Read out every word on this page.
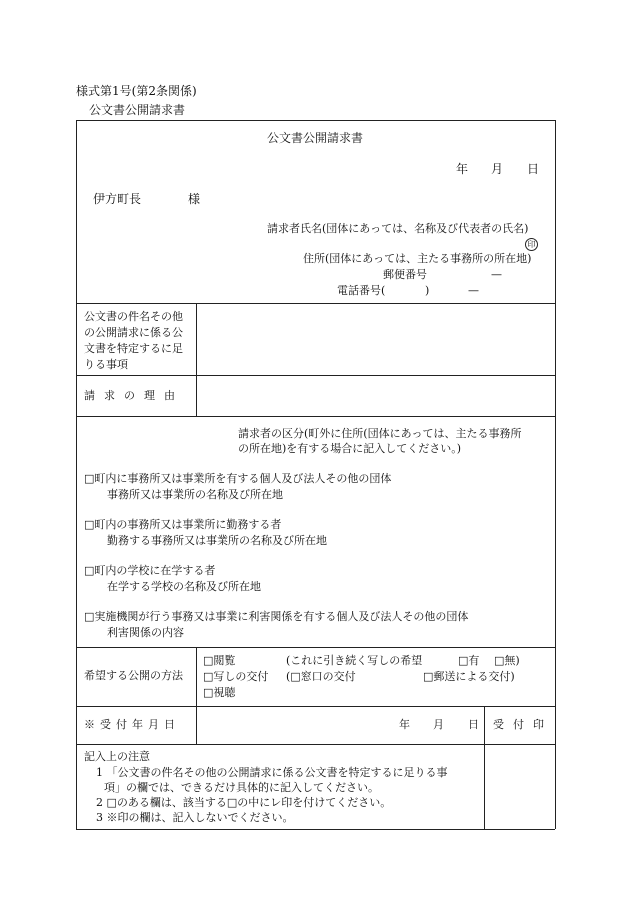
様式第1号(第2条関係)
公文書公開請求書
公文書公開請求書
年 月 日
伊方町長	様
請求者氏名(団体にあっては、名称及び代表者の氏名)
印
住所(団体にあっては、主たる事務所の所在地)
郵便番号	—
電話番号(	)	—
公文書の件名その他
の公開請求に係る公
文書を特定するに足
りる事項
請求の理由
請求者の区分(町外に住所(団体にあっては、主たる事務所
の所在地)を有する場合に記入してください。)
□町内に事務所又は事業所を有する個人及び法人その他の団体
事務所又は事業所の名称及び所在地
□町内の事務所又は事業所に勤務する者
勤務する事務所又は事業所の名称及び所在地
□町内の学校に在学する者
在学する学校の名称及び所在地
□実施機関が行う事務又は事業に利害関係を有する個人及び法人その他の団体
利害関係の内容
希望する公開の方法
□閲覧	(これに引き続く写しの希望	□有 □無)
□写しの交付 (□窓口の交付	□郵送による交付)
□視聴
※受付年月日	年 月 日 受付印
記入上の注意
1 「公文書の件名その他の公開請求に係る公文書を特定するに足りる事
項」の欄では、できるだけ具体的に記入してください。
2 □のある欄は、該当する□の中にレ印を付けてください。
3 ※印の欄は、記入しないでください。
